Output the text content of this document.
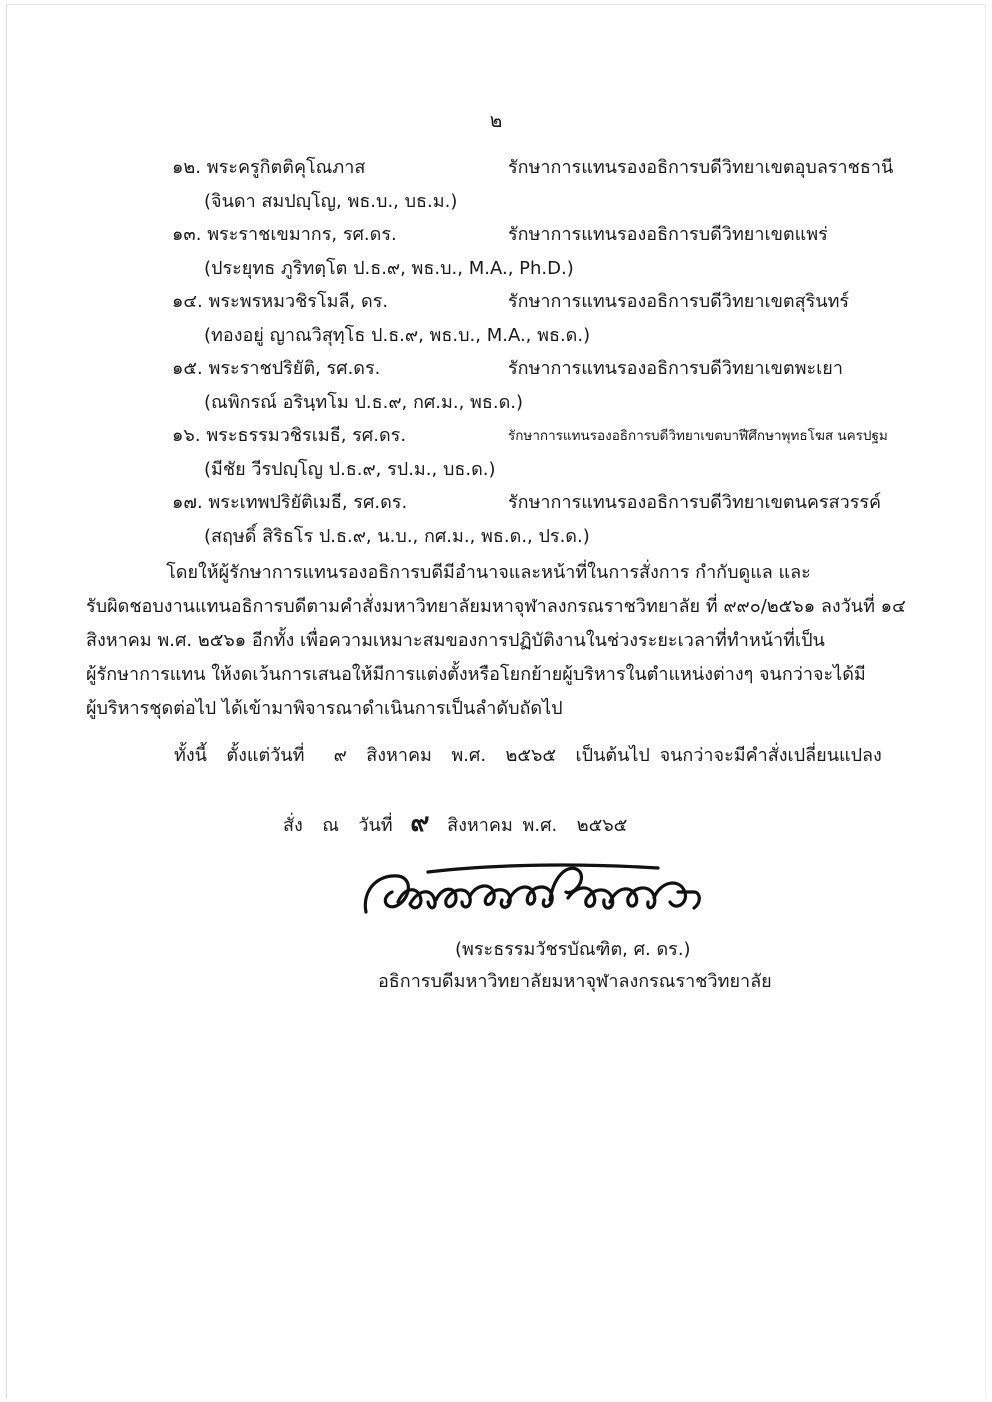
๒
๑๒. พระครูกิตติคุโณภาส	รักษาการแทนรองอธิการบดีวิทยาเขตอุบลราชธานี
(จินดา สมปญฺโญ, พธ.บ., บธ.ม.)
๑๓. พระราชเขมากร, รศ.ดร.	รักษาการแทนรองอธิการบดีวิทยาเขตแพร่
(ประยุทธ ภูริทตฺโต ป.ธ.๙, พธ.บ., M.A., Ph.D.)
๑๔. พระพรหมวชิรโมลี, ดร.	รักษาการแทนรองอธิการบดีวิทยาเขตสุรินทร์
(ทองอยู่ ญาณวิสุทฺโธ ป.ธ.๙, พธ.บ., M.A., พธ.ด.)
๑๕. พระราชปริยัติ, รศ.ดร.	รักษาการแทนรองอธิการบดีวิทยาเขตพะเยา
(ณพิกรณ์ อรินฺทโม ป.ธ.๙, กศ.ม., พธ.ด.)
๑๖. พระธรรมวชิรเมธี, รศ.ดร.	รักษาการแทนรองอธิการบดีวิทยาเขตบาฬีศึกษาพุทธโฆส นครปฐม
(มีชัย วีรปญฺโญ ป.ธ.๙, รป.ม., บธ.ด.)
๑๗. พระเทพปริยัติเมธี, รศ.ดร.	รักษาการแทนรองอธิการบดีวิทยาเขตนครสวรรค์
(สฤษดิ์ สิริธโร ป.ธ.๙, น.บ., กศ.ม., พธ.ด., ปร.ด.)
โดยให้ผู้รักษาการแทนรองอธิการบดีมีอำนาจและหน้าที่ในการสั่งการ กำกับดูแล และ
รับผิดชอบงานแทนอธิการบดีตามคำสั่งมหาวิทยาลัยมหาจุฬาลงกรณราชวิทยาลัย ที่ ๙๙๐/๒๕๖๑ ลงวันที่ ๑๔
สิงหาคม พ.ศ. ๒๕๖๑ อีกทั้ง เพื่อความเหมาะสมของการปฏิบัติงานในช่วงระยะเวลาที่ทำหน้าที่เป็น
ผู้รักษาการแทน ให้งดเว้นการเสนอให้มีการแต่งตั้งหรือโยกย้ายผู้บริหารในตำแหน่งต่างๆ จนกว่าจะได้มี
ผู้บริหารชุดต่อไป ได้เข้ามาพิจารณาดำเนินการเป็นลำดับถัดไป
ทั้งนี้  ตั้งแต่วันที่   ๙  สิงหาคม  พ.ศ.  ๒๕๖๕  เป็นต้นไป จนกว่าจะมีคำสั่งเปลี่ยนแปลง
สั่ง  ณ  วันที่ ๙ สิงหาคม พ.ศ.  ๒๕๖๕
(พระธรรมวัชรบัณฑิต, ศ. ดร.)
อธิการบดีมหาวิทยาลัยมหาจุฬาลงกรณราชวิทยาลัย
